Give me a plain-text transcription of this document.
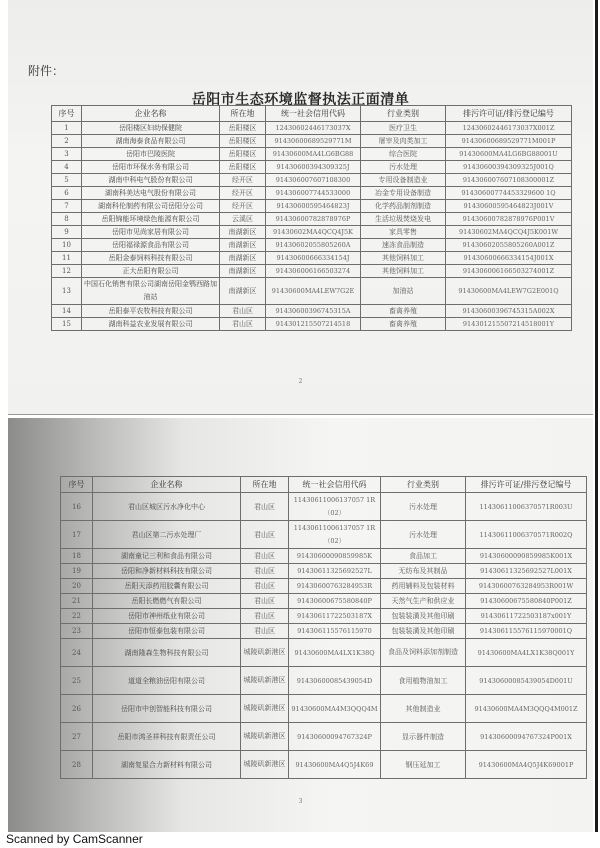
附件：
岳阳市生态环境监督执法正面清单
序号	企业名称	所在地	统一社会信用代码	行业类别	排污许可证/排污登记编号
1	岳阳楼区妇幼保健院	岳阳楼区	12430602446173037X	医疗卫生	12430602446173037X001Z
2	湖南海泰食品有限公司	岳阳楼区	91430600689529771M	屠宰及肉类加工	91430600689529771M001P
3	岳阳市巴陵医院	岳阳楼区	91430600MA4LG6BG88	综合医院	91430600MA4LG6BG88001U
4	岳阳市环保水务有限公司	岳阳楼区	91430600394309325J	污水处理	91430600394309325J001Q
5	湖南中科电气股份有限公司	经开区	914306007607108300	专用设备制造业	914306007607108300001Z
6	湖南科美达电气股份有限公司	经开区	914306007744533000	冶金专用设备制造	91430600774453329600 1Q
7	湖南科伦制药有限公司岳阳分公司	经开区	91430600595464823J	化学药品制剂制造	91430600595464823J001V
8	岳阳锦能环境绿色能源有限公司	云溪区	91430600782878976P	生活垃圾焚烧发电	91430600782878976P001V
9	岳阳市见尚家居有限公司	南湖新区	91430602MA4QCQ4J5K	家具零售	91430602MA4QCQ4J5K001W
10	岳阳福禄源食品有限公司	南湖新区	91430602055805260A	速冻食品制造	91430602055805260A001Z
11	岳阳金泰饲料科技有限公司	南湖新区	91430600666334154J	其他饲料加工	91430600666334154J001X
12	正大岳阳有限公司	南湖新区	914306006166503274	其他饲料加工	914306006166503274001Z
13	中国石化销售有限公司湖南岳阳金鹗西路加油站	南湖新区	91430600MA4LEW7G2E	加油站	91430600MA4LEW7G2E001Q
14	岳阳泰平农牧科技有限公司	君山区	91430600396745315A	畜禽养殖	91430600396745315A002X
15	湖南科益农业发展有限公司	君山区	914301215507214518	畜禽养殖	914301215507214518001Y
2
序号	企业名称	所在地	统一社会信用代码	行业类别	排污许可证/排污登记编号
16	君山区城区污水净化中心	君山区	11430611006137057 1R（02）	污水处理	11430611006370571R003U
17	君山区第二污水处理厂	君山区	11430611006137057 1R（02）	污水处理	11430611006370571R002Q
18	湖南童记三利和食品有限公司	君山区	91430600090859985K	食品加工	91430600090859985K001X
19	岳阳和净新材料科技有限公司	君山区	91430611325692527L	无纺布及其制品	91430611325692527L001X
20	岳阳天添药用胶囊有限公司	君山区	91430600763284953R	药用辅料及包装材料	91430600763284953R001W
21	岳阳长燃燃气有限公司	君山区	91430600675580840P	天然气生产和供应业	91430600675580840P001Z
22	岳阳市神州纸业有限公司	君山区	91430611722503187X	包装装潢及其他印刷	91430611722503187x001Y
23	岳阳市恒泰包装有限公司	君山区	914306115576115970	包装装潢及其他印刷	914306115576115970001Q
24	湖南隆森生物科技有限公司	城陵矶新港区	91430600MA4LX1K38Q	食品及饲料添加剂制造	91430600MA4LX1K38Q001Y
25	道道全粮油岳阳有限公司	城陵矶新港区	91430600085439054D	食用植物油加工	91430600085439054D001U
26	岳阳市中创智能科技有限公司	城陵矶新港区	91430600MA4M3QQQ4M	其他制造业	91430600MA4M3QQQ4M001Z
27	岳阳市鸿圣祥科技有限责任公司	城陵矶新港区	91430600094767324P	显示器件制造	91430600094767324P001X
28	湖南复星合力新材料有限公司	城陵矶新港区	91430600MA4Q5J4K69	钢压延加工	91430600MA4Q5J4K69001P
3
Scanned by CamScanner
